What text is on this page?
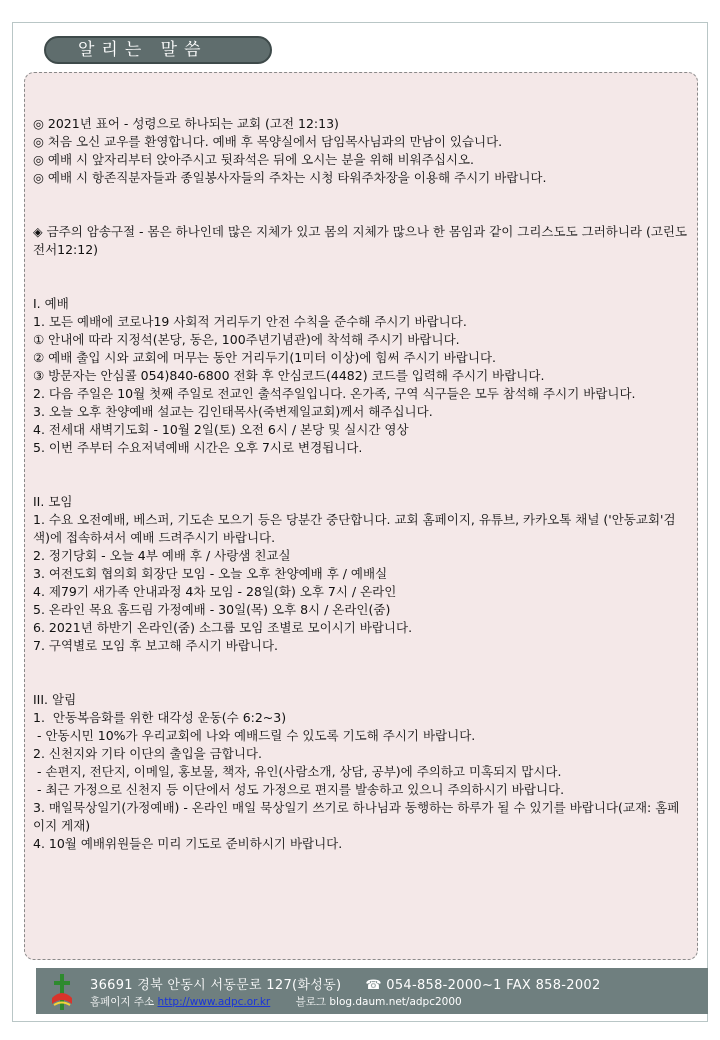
알리는 말씀

◎ 2021년 표어 - 성령으로 하나되는 교회 (고전 12:13)

◎ 처음 오신 교우를 환영합니다. 예배 후 목양실에서 담임목사님과의 만남이 있습니다.

◎ 예배 시 앞자리부터 앉아주시고 뒷좌석은 뒤에 오시는 분을 위해 비워주십시오.

◎ 예배 시 항존직분자들과 종일봉사자들의 주차는 시청 타워주차장을 이용해 주시기 바랍니다.

◈ 금주의 암송구절 - 몸은 하나인데 많은 지체가 있고 몸의 지체가 많으나 한 몸임과 같이 그리스도도 그러하니라 (고린도전서12:12)

I. 예배

1. 모든 예배에 코로나19 사회적 거리두기 안전 수칙을 준수해 주시기 바랍니다.

① 안내에 따라 지정석(본당, 동은, 100주년기념관)에 착석해 주시기 바랍니다.

② 예배 출입 시와 교회에 머무는 동안 거리두기(1미터 이상)에 힘써 주시기 바랍니다.

③ 방문자는 안심콜 054)840-6800 전화 후 안심코드(4482) 코드를 입력해 주시기 바랍니다.

2. 다음 주일은 10월 첫째 주일로 전교인 출석주일입니다. 온가족, 구역 식구들은 모두 참석해 주시기 바랍니다.

3. 오늘 오후 찬양예배 설교는 김인태목사(죽변제일교회)께서 해주십니다.

4. 전세대 새벽기도회 - 10월 2일(토) 오전 6시 / 본당 및 실시간 영상

5. 이번 주부터 수요저녁예배 시간은 오후 7시로 변경됩니다.

II. 모임

1. 수요 오전예배, 베스퍼, 기도손 모으기 등은 당분간 중단합니다. 교회 홈페이지, 유튜브, 카카오톡 채널 ('안동교회'검색)에 접속하셔서 예배 드려주시기 바랍니다.

2. 정기당회 - 오늘 4부 예배 후 / 사랑샘 친교실

3. 여전도회 협의회 회장단 모임 - 오늘 오후 찬양예배 후 / 예배실

4. 제79기 새가족 안내과정 4차 모임 - 28일(화) 오후 7시 / 온라인

5. 온라인 목요 홈드림 가정예배 - 30일(목) 오후 8시 / 온라인(줌)

6. 2021년 하반기 온라인(줌) 소그룹 모임 조별로 모이시기 바랍니다.

7. 구역별로 모임 후 보고해 주시기 바랍니다.

III. 알림

1.  안동복음화를 위한 대각성 운동(수 6:2~3)

- 안동시민 10%가 우리교회에 나와 예배드릴 수 있도록 기도해 주시기 바랍니다.

2. 신천지와 기타 이단의 출입을 금합니다.

- 손편지, 전단지, 이메일, 홍보물, 책자, 유인(사람소개, 상담, 공부)에 주의하고 미혹되지 맙시다.

- 최근 가정으로 신천지 등 이단에서 성도 가정으로 편지를 발송하고 있으니 주의하시기 바랍니다.

3. 매일묵상일기(가정예배) - 온라인 매일 묵상일기 쓰기로 하나님과 동행하는 하루가 될 수 있기를 바랍니다(교재: 홈페이지 게재)

4. 10월 예배위원들은 미리 기도로 준비하시기 바랍니다.

36691 경북 안동시 서동문로 127(화성동) ☎ 054-858-2000~1 FAX 858-2002
홈페이지 주소 http://www.adpc.or.kr 블로그 blog.daum.net/adpc2000
